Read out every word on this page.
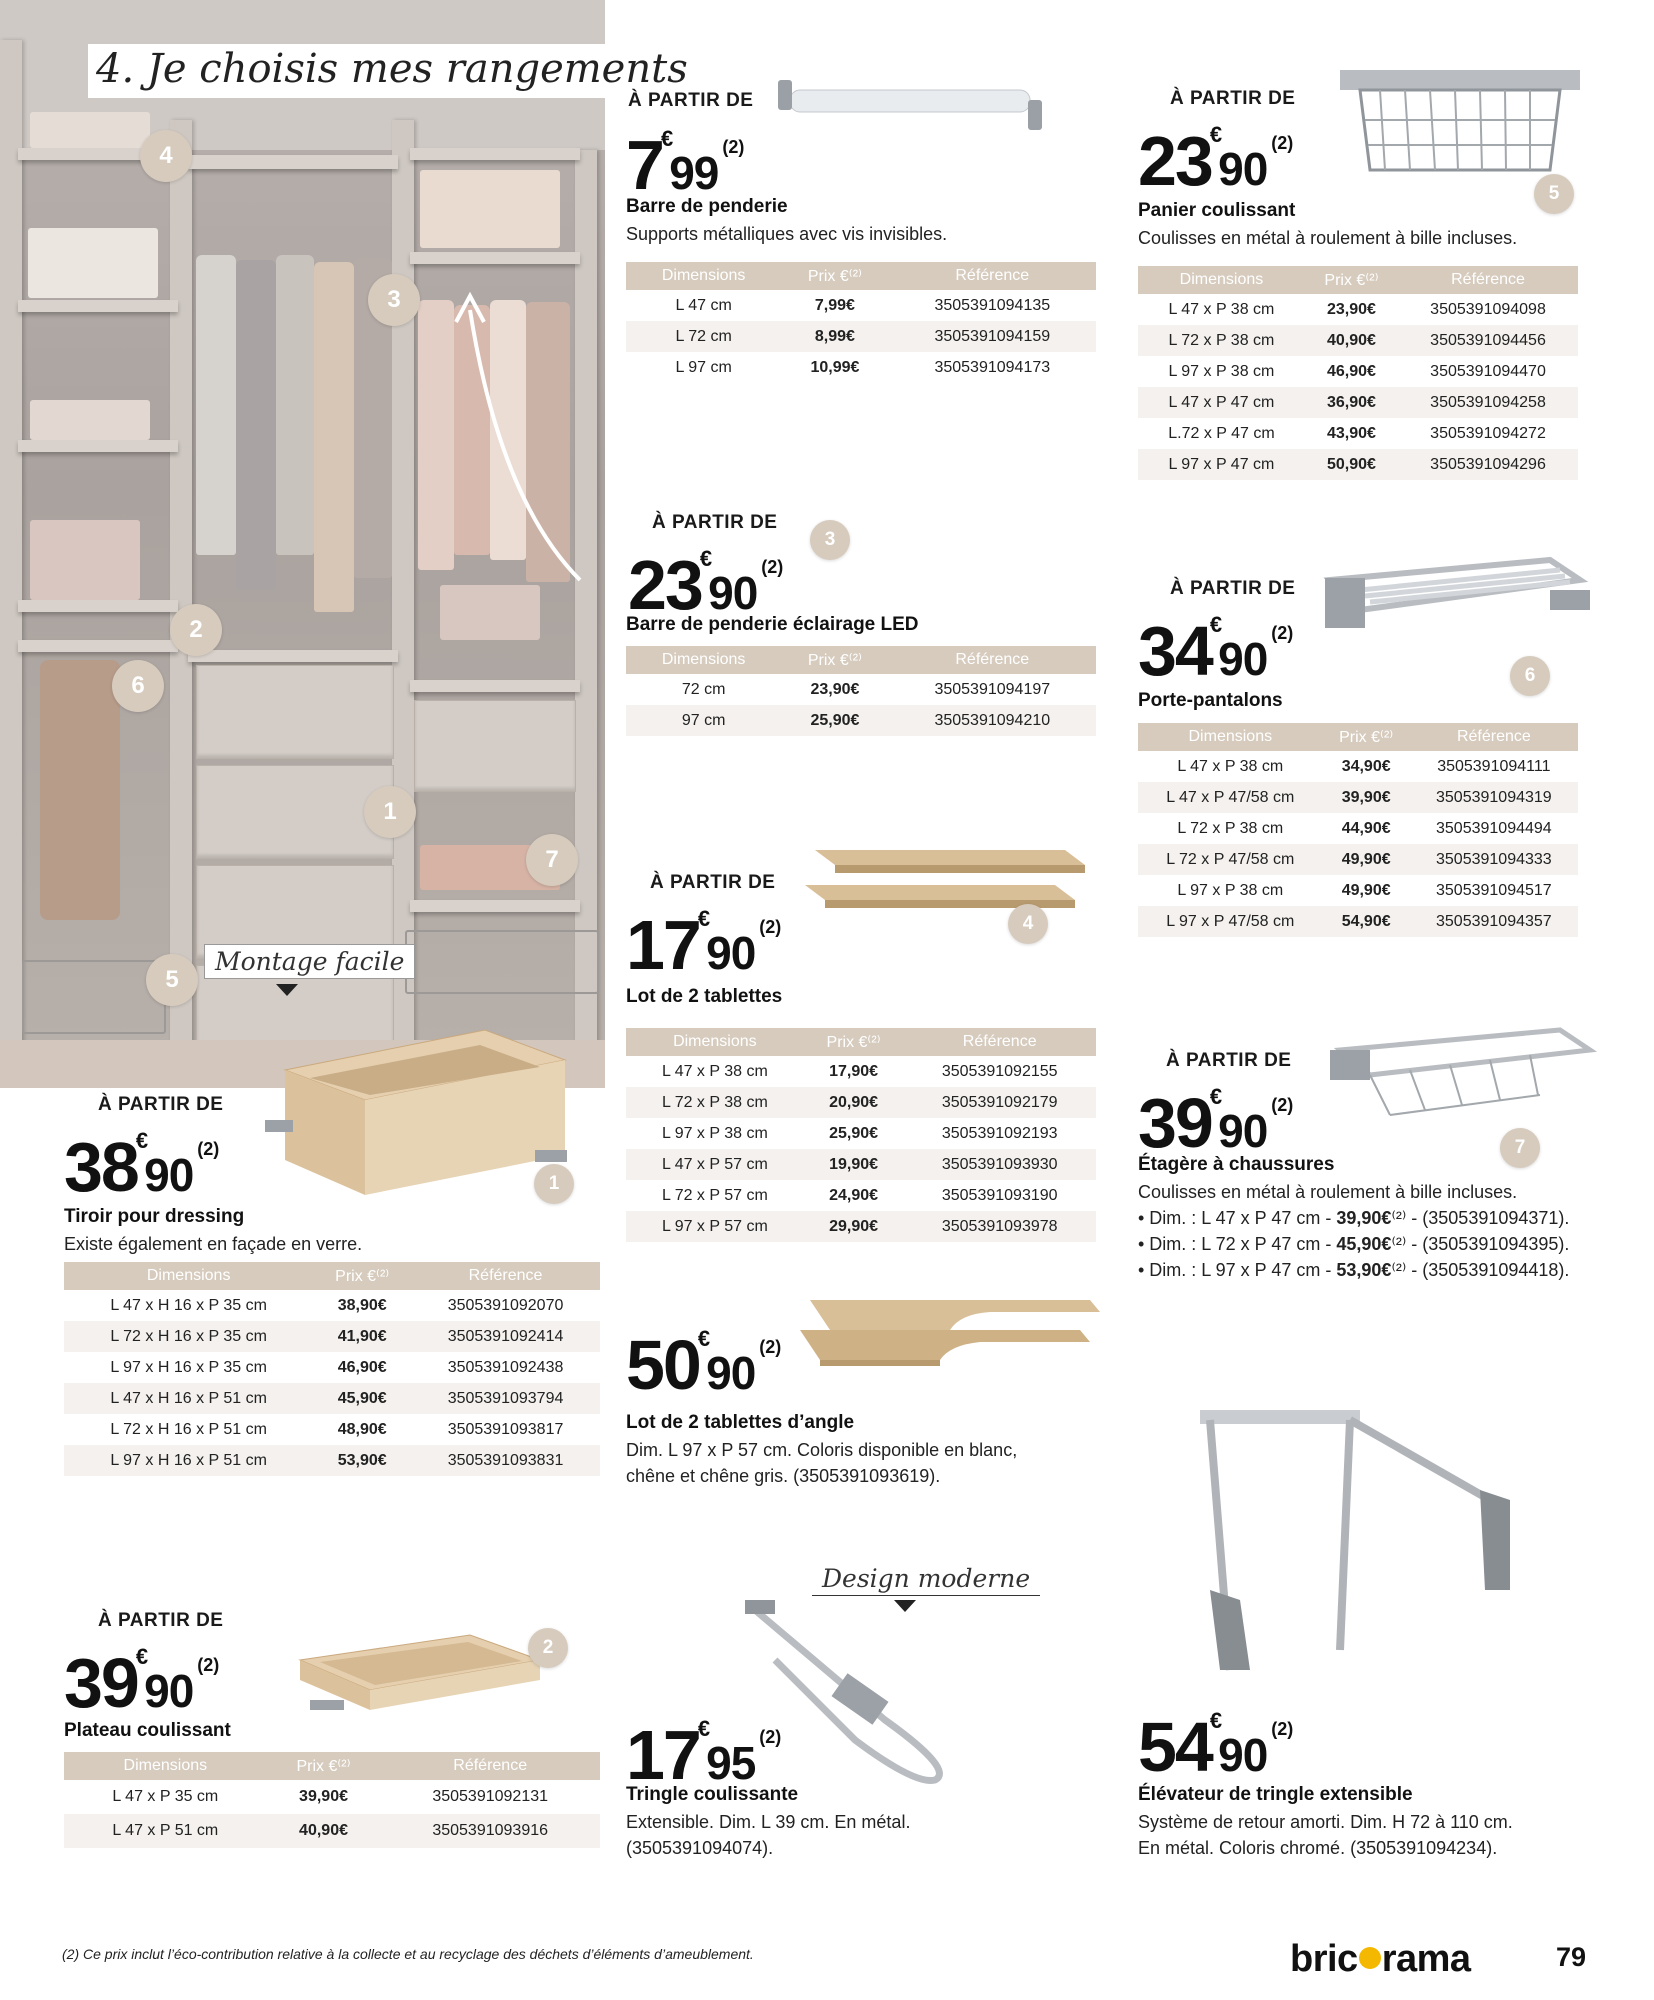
4. Je choisis mes rangements
4
3
2
6
1
7
5
Montage facile
À PARTIR DE
7€99 (2)
Barre de penderie
Supports métalliques avec vis invisibles.
Dimensions	Prix €⁽²⁾	Référence
L 47 cm	7,99€	3505391094135
L 72 cm	8,99€	3505391094159
L 97 cm	10,99€	3505391094173
3
À PARTIR DE
23€90 (2)
Barre de penderie éclairage LED
Dimensions	Prix €⁽²⁾	Référence
72 cm	23,90€	3505391094197
97 cm	25,90€	3505391094210
4
À PARTIR DE
17€90 (2)
Lot de 2 tablettes
Dimensions	Prix €⁽²⁾	Référence
L 47 x P 38 cm	17,90€	3505391092155
L 72 x P 38 cm	20,90€	3505391092179
L 97 x P 38 cm	25,90€	3505391092193
L 47 x P 57 cm	19,90€	3505391093930
L 72 x P 57 cm	24,90€	3505391093190
L 97 x P 57 cm	29,90€	3505391093978
50€90 (2)
Lot de 2 tablettes d’angle
Dim. L 97 x P 57 cm. Coloris disponible en blanc,
chêne et chêne gris. (3505391093619).
Design moderne
17€95 (2)
Tringle coulissante
Extensible. Dim. L 39 cm. En métal.
(3505391094074).
5
À PARTIR DE
23€90 (2)
Panier coulissant
Coulisses en métal à roulement à bille incluses.
Dimensions	Prix €⁽²⁾	Référence
L 47 x P 38 cm	23,90€	3505391094098
L 72 x P 38 cm	40,90€	3505391094456
L 97 x P 38 cm	46,90€	3505391094470
L 47 x P 47 cm	36,90€	3505391094258
L.72 x P 47 cm	43,90€	3505391094272
L 97 x P 47 cm	50,90€	3505391094296
6
À PARTIR DE
34€90 (2)
Porte-pantalons
Dimensions	Prix €⁽²⁾	Référence
L 47 x P 38 cm	34,90€	3505391094111
L 47 x P 47/58 cm	39,90€	3505391094319
L 72 x P 38 cm	44,90€	3505391094494
L 72 x P 47/58 cm	49,90€	3505391094333
L 97 x P 38 cm	49,90€	3505391094517
L 97 x P 47/58 cm	54,90€	3505391094357
7
À PARTIR DE
39€90 (2)
Étagère à chaussures
Coulisses en métal à roulement à bille incluses.
• Dim. : L 47 x P 47 cm - 39,90€⁽²⁾ - (3505391094371).
• Dim. : L 72 x P 47 cm - 45,90€⁽²⁾ - (3505391094395).
• Dim. : L 97 x P 47 cm - 53,90€⁽²⁾ - (3505391094418).
54€90 (2)
Élévateur de tringle extensible
Système de retour amorti. Dim. H 72 à 110 cm.
En métal. Coloris chromé. (3505391094234).
1
À PARTIR DE
38€90 (2)
Tiroir pour dressing
Existe également en façade en verre.
Dimensions	Prix €⁽²⁾	Référence
L 47 x H 16 x P 35 cm	38,90€	3505391092070
L 72 x H 16 x P 35 cm	41,90€	3505391092414
L 97 x H 16 x P 35 cm	46,90€	3505391092438
L 47 x H 16 x P 51 cm	45,90€	3505391093794
L 72 x H 16 x P 51 cm	48,90€	3505391093817
L 97 x H 16 x P 51 cm	53,90€	3505391093831
2
À PARTIR DE
39€90 (2)
Plateau coulissant
Dimensions	Prix €⁽²⁾	Référence
L 47 x P 35 cm	39,90€	3505391092131
L 47 x P 51 cm	40,90€	3505391093916
(2) Ce prix inclut l’éco-contribution relative à la collecte et au recyclage des déchets d’éléments d’ameublement.	bric rama	79
